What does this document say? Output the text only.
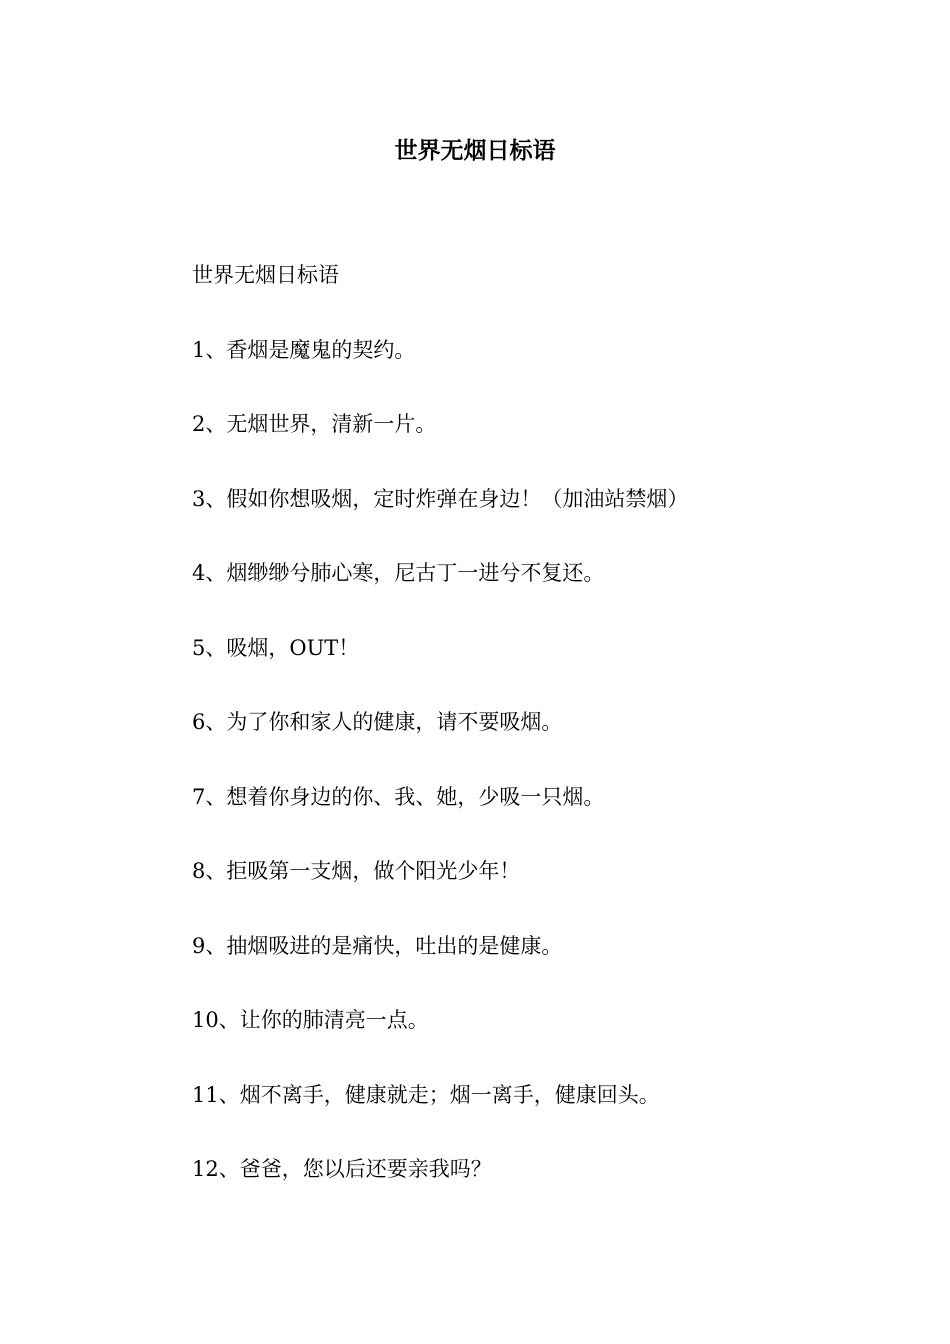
世界无烟日标语

世界无烟日标语

1、香烟是魔鬼的契约。

2、无烟世界，清新一片。

3、假如你想吸烟，定时炸弹在身边！（加油站禁烟）

4、烟缈缈兮肺心寒，尼古丁一进兮不复还。

5、吸烟，OUT！

6、为了你和家人的健康，请不要吸烟。

7、想着你身边的你、我、她，少吸一只烟。

8、拒吸第一支烟，做个阳光少年！

9、抽烟吸进的是痛快，吐出的是健康。

10、让你的肺清亮一点。

11、烟不离手，健康就走；烟一离手，健康回头。

12、爸爸，您以后还要亲我吗？
